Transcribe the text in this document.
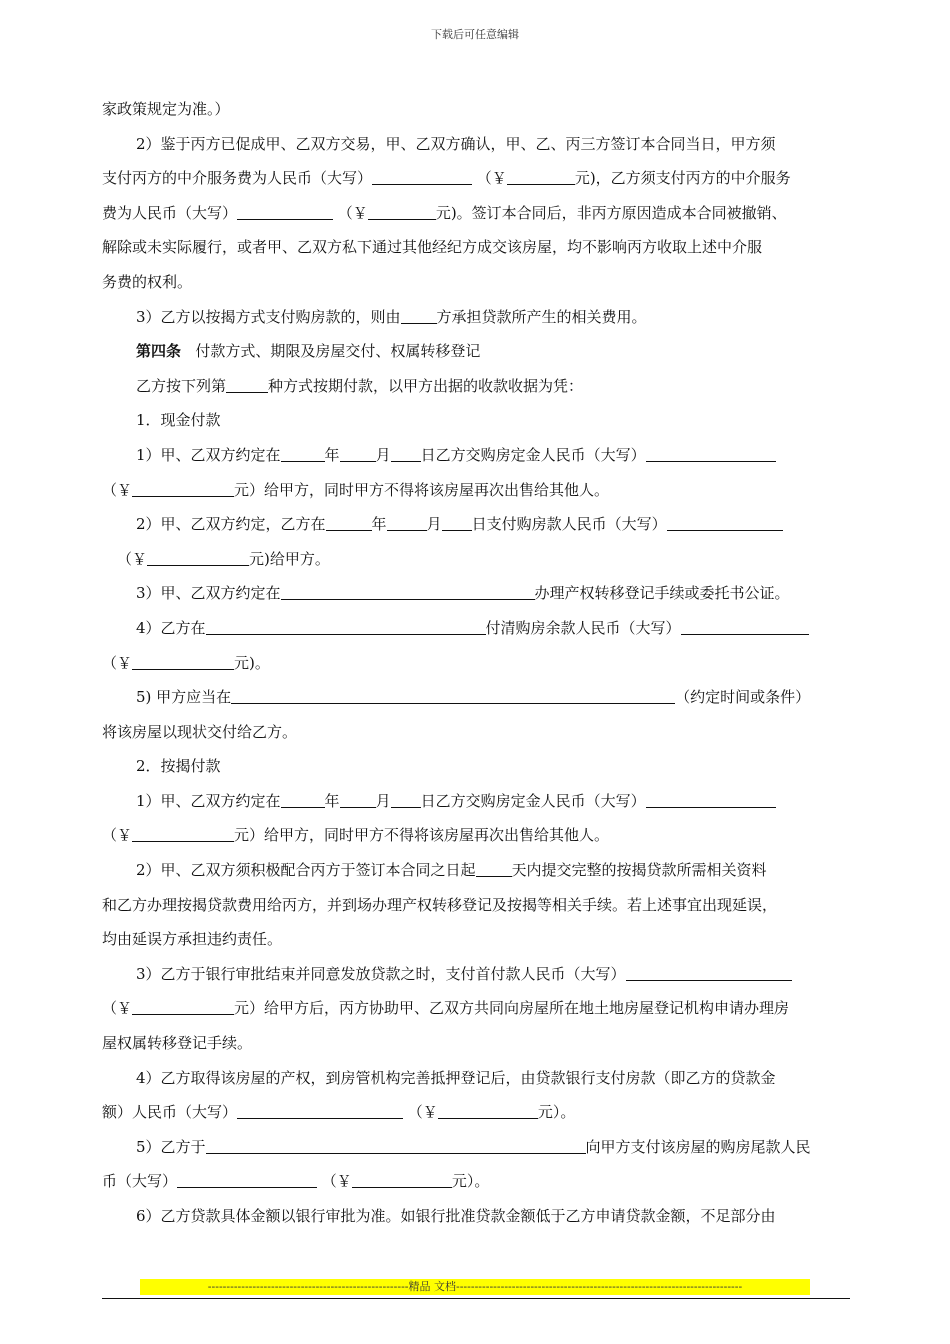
下载后可任意编辑

家政策规定为准。）

2）鉴于丙方已促成甲、乙双方交易，甲、乙双方确认，甲、乙、丙三方签订本合同当日，甲方须

支付丙方的中介服务费为人民币（大写）	（￥	元)，乙方须支付丙方的中介服务

费为人民币（大写）	（￥	元)。签订本合同后，非丙方原因造成本合同被撤销、

解除或未实际履行，或者甲、乙双方私下通过其他经纪方成交该房屋，均不影响丙方收取上述中介服

务费的权利。

3）乙方以按揭方式支付购房款的，则由 方承担贷款所产生的相关费用。

第四条 付款方式、期限及房屋交付、权属转移登记

乙方按下列第	种方式按期付款，以甲方出据的收款收据为凭：

1．现金付款

1）甲、乙双方约定在	年 月 日乙方交购房定金人民币（大写）

（￥	元）给甲方，同时甲方不得将该房屋再次出售给其他人。

2）甲、乙双方约定，乙方在	年	月 日支付购房款人民币（大写）

（￥	元)给甲方。

3）甲、乙双方约定在	办理产权转移登记手续或委托书公证。

4）乙方在	付清购房余款人民币（大写）

（￥	元)。

5) 甲方应当在	（约定时间或条件）

将该房屋以现状交付给乙方。

2．按揭付款

1）甲、乙双方约定在	年 月 日乙方交购房定金人民币（大写）

（￥	元）给甲方，同时甲方不得将该房屋再次出售给其他人。

2）甲、乙双方须积极配合丙方于签订本合同之日起 天内提交完整的按揭贷款所需相关资料

和乙方办理按揭贷款费用给丙方，并到场办理产权转移登记及按揭等相关手续。若上述事宜出现延误，

均由延误方承担违约责任。

3）乙方于银行审批结束并同意发放贷款之时，支付首付款人民币（大写）

（￥	元）给甲方后，丙方协助甲、乙双方共同向房屋所在地土地房屋登记机构申请办理房

屋权属转移登记手续。

4）乙方取得该房屋的产权，到房管机构完善抵押登记后，由贷款银行支付房款（即乙方的贷款金

额）人民币（大写）	（￥	元）。

5）乙方于	向甲方支付该房屋的购房尾款人民

币（大写）	（￥	元）。

6）乙方贷款具体金额以银行审批为准。如银行批准贷款金额低于乙方申请贷款金额，不足部分由

------------------------------------------------------精品 文档-----------------------------------------------------------------------------
